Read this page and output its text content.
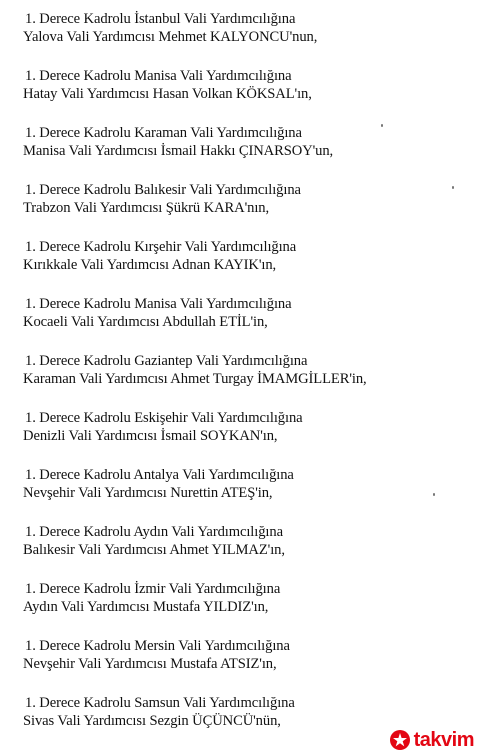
1. Derece Kadrolu İstanbul Vali Yardımcılığına
Yalova Vali Yardımcısı Mehmet KALYONCU'nun,
1. Derece Kadrolu Manisa Vali Yardımcılığına
Hatay Vali Yardımcısı Hasan Volkan KÖKSAL'ın,
1. Derece Kadrolu Karaman Vali Yardımcılığına
Manisa Vali Yardımcısı İsmail Hakkı ÇINARSOY'un,
1. Derece Kadrolu Balıkesir Vali Yardımcılığına
Trabzon Vali Yardımcısı Şükrü KARA'nın,
1. Derece Kadrolu Kırşehir Vali Yardımcılığına
Kırıkkale Vali Yardımcısı Adnan KAYIK'ın,
1. Derece Kadrolu Manisa Vali Yardımcılığına
Kocaeli Vali Yardımcısı Abdullah ETİL'in,
1. Derece Kadrolu Gaziantep Vali Yardımcılığına
Karaman Vali Yardımcısı Ahmet Turgay İMAMGİLLER'in,
1. Derece Kadrolu Eskişehir Vali Yardımcılığına
Denizli Vali Yardımcısı İsmail SOYKAN'ın,
1. Derece Kadrolu Antalya Vali Yardımcılığına
Nevşehir Vali Yardımcısı Nurettin ATEŞ'in,
1. Derece Kadrolu Aydın Vali Yardımcılığına
Balıkesir Vali Yardımcısı Ahmet YILMAZ'ın,
1. Derece Kadrolu İzmir Vali Yardımcılığına
Aydın Vali Yardımcısı Mustafa YILDIZ'ın,
1. Derece Kadrolu Mersin Vali Yardımcılığına
Nevşehir Vali Yardımcısı Mustafa ATSIZ'ın,
1. Derece Kadrolu Samsun Vali Yardımcılığına
Sivas Vali Yardımcısı Sezgin ÜÇÜNCÜ'nün,
takvim
